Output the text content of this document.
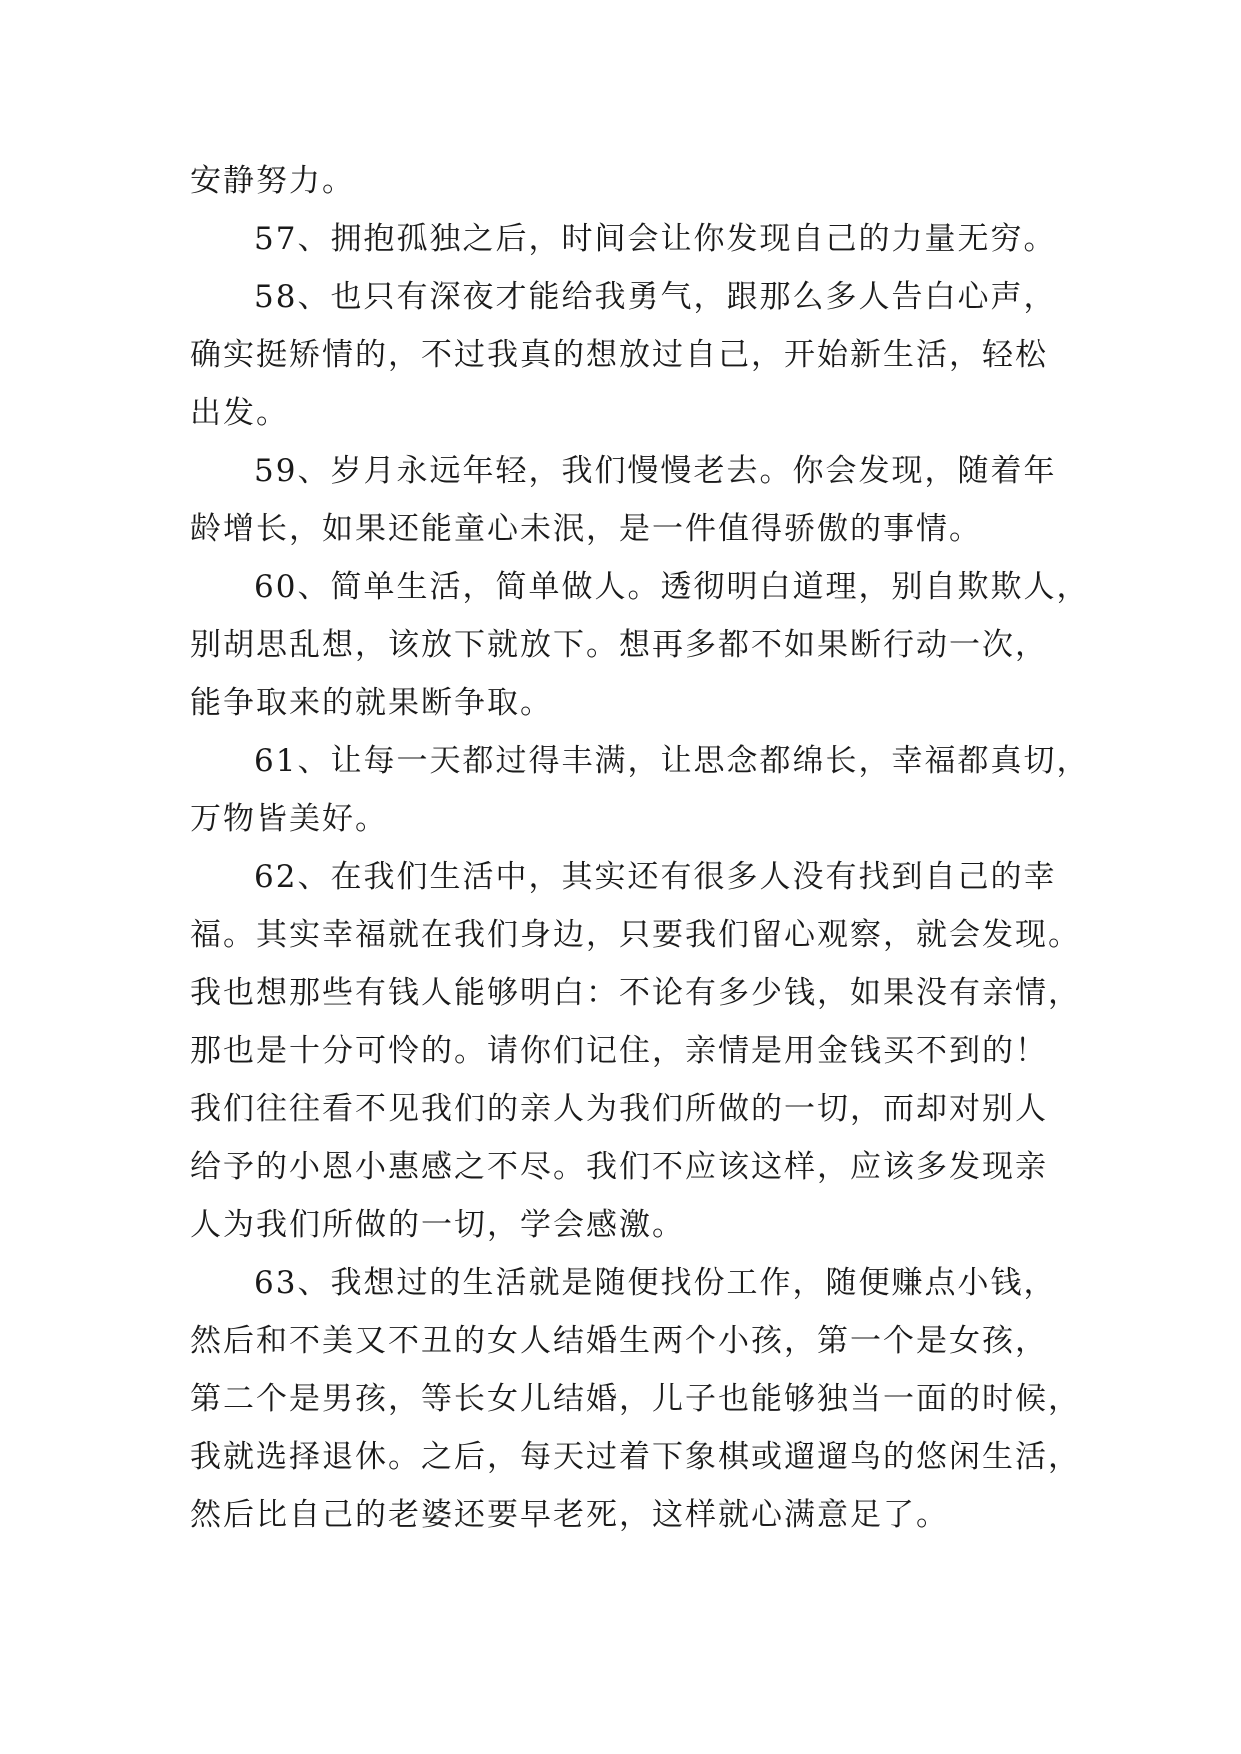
安静努力。
57、拥抱孤独之后，时间会让你发现自己的力量无穷。
58、也只有深夜才能给我勇气，跟那么多人告白心声，
确实挺矫情的，不过我真的想放过自己，开始新生活，轻松
出发。
59、岁月永远年轻，我们慢慢老去。你会发现，随着年
龄增长，如果还能童心未泯，是一件值得骄傲的事情。
60、简单生活，简单做人。透彻明白道理，别自欺欺人，
别胡思乱想，该放下就放下。想再多都不如果断行动一次，
能争取来的就果断争取。
61、让每一天都过得丰满，让思念都绵长，幸福都真切，
万物皆美好。
62、在我们生活中，其实还有很多人没有找到自己的幸
福。其实幸福就在我们身边，只要我们留心观察，就会发现。
我也想那些有钱人能够明白：不论有多少钱，如果没有亲情，
那也是十分可怜的。请你们记住，亲情是用金钱买不到的！
我们往往看不见我们的亲人为我们所做的一切，而却对别人
给予的小恩小惠感之不尽。我们不应该这样，应该多发现亲
人为我们所做的一切，学会感激。
63、我想过的生活就是随便找份工作，随便赚点小钱，
然后和不美又不丑的女人结婚生两个小孩，第一个是女孩，
第二个是男孩，等长女儿结婚，儿子也能够独当一面的时候，
我就选择退休。之后，每天过着下象棋或遛遛鸟的悠闲生活，
然后比自己的老婆还要早老死，这样就心满意足了。
